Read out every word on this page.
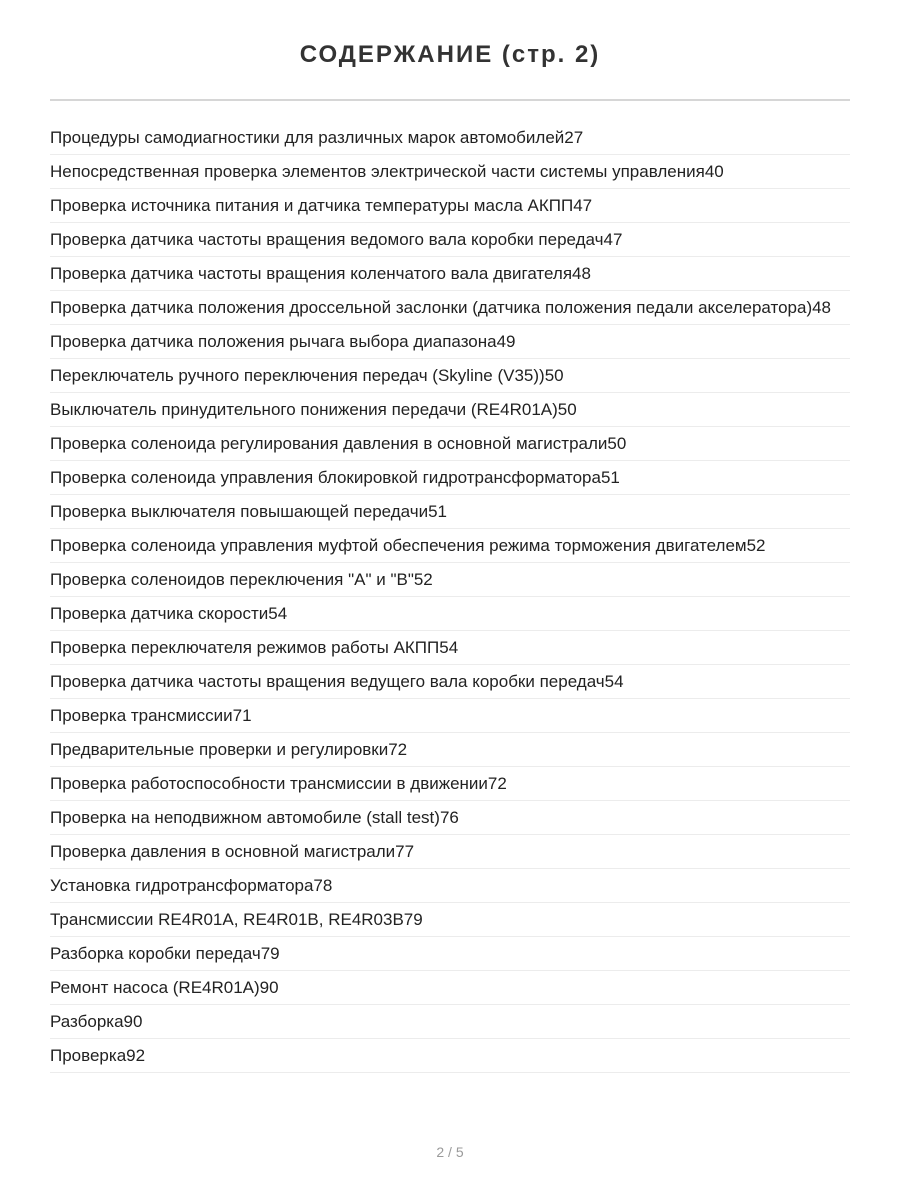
СОДЕРЖАНИЕ (стр. 2)
Процедуры самодиагностики для различных марок автомобилей27
Непосредственная проверка элементов электрической части системы управления40
Проверка источника питания и датчика температуры масла АКПП47
Проверка датчика частоты вращения ведомого вала коробки передач47
Проверка датчика частоты вращения коленчатого вала двигателя48
Проверка датчика положения дроссельной заслонки (датчика положения педали акселератора)48
Проверка датчика положения рычага выбора диапазона49
Переключатель ручного переключения передач (Skyline (V35))50
Выключатель принудительного понижения передачи (RE4R01A)50
Проверка соленоида регулирования давления в основной магистрали50
Проверка соленоида управления блокировкой гидротрансформатора51
Проверка выключателя повышающей передачи51
Проверка соленоида управления муфтой обеспечения режима торможения двигателем52
Проверка соленоидов переключения "A" и "B"52
Проверка датчика скорости54
Проверка переключателя режимов работы АКПП54
Проверка датчика частоты вращения ведущего вала коробки передач54
Проверка трансмиссии71
Предварительные проверки и регулировки72
Проверка работоспособности трансмиссии в движении72
Проверка на неподвижном автомобиле (stall test)76
Проверка давления в основной магистрали77
Установка гидротрансформатора78
Трансмиссии RE4R01A, RE4R01B, RE4R03B79
Разборка коробки передач79
Ремонт насоса (RE4R01A)90
Разборка90
Проверка92
2 / 5
